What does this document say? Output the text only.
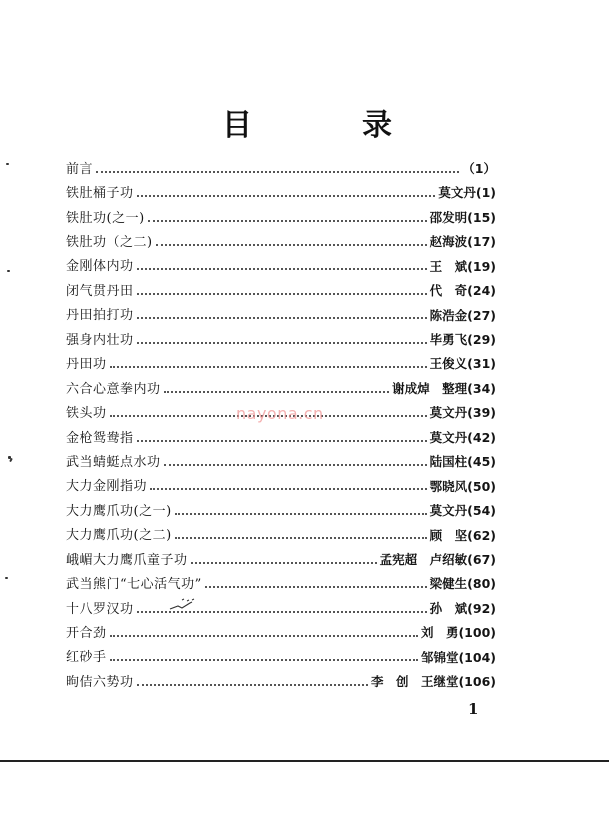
目	录
前言	（1）
铁肚桶子功	莫文丹 (1)
铁肚功(之一)	邵发明 (15)
铁肚功（之二)	赵海波 (17)
金刚体内功	王　斌 (19)
闭气贯丹田	代　奇 (24)
丹田拍打功	陈浩金 (27)
强身内壮功	毕勇飞 (29)
丹田功	王俊义 (31)
六合心意拳内功	谢成焯　整理 (34)
铁头功	莫文丹 (39)
金枪鸳鸯指	莫文丹 (42)
武当蜻蜓点水功	陆国柱 (45)
大力金刚指功	鄂晓风 (50)
大力鹰爪功(之一)	莫文丹 (54)
大力鹰爪功(之二)	顾　坚 (62)
峨嵋大力鹰爪童子功	孟宪超　卢绍敏 (67)
武当熊门“七心活气功”	梁健生 (80)
十八罗汉功	孙　斌 (92)
开合劲	刘　勇 (100)
红砂手	邹锦堂 (104)
昫佶六势功	李　创　王继堂 (106)
nayona.cn
1
